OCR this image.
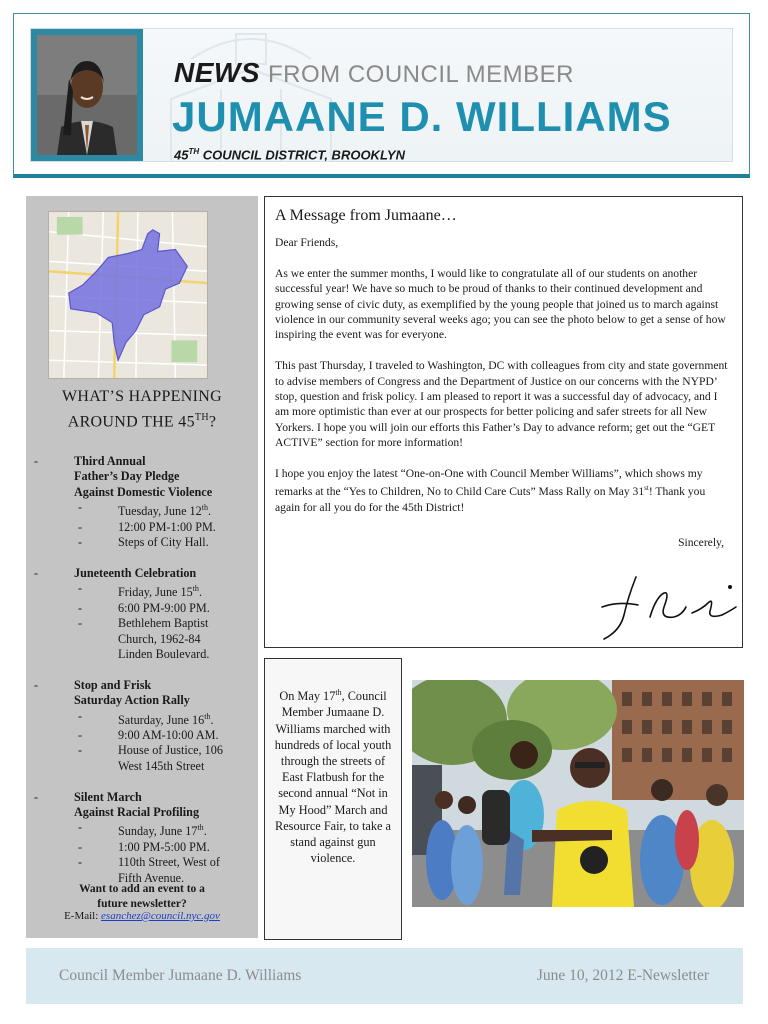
NEWS FROM COUNCIL MEMBER
JUMAANE D. WILLIAMS
45TH COUNCIL DISTRICT, BROOKLYN
WHAT’S HAPPENING
AROUND THE 45TH?
-	Third Annual
Father’s Day Pledge
Against Domestic Violence
-	Tuesday, June 12th.
-	12:00 PM-1:00 PM.
-	Steps of City Hall.
-	Juneteenth Celebration
-	Friday, June 15th.
-	6:00 PM-9:00 PM.
-	Bethlehem Baptist
Church, 1962-84
Linden Boulevard.
-	Stop and Frisk
Saturday Action Rally
-	Saturday, June 16th.
-	9:00 AM-10:00 AM.
-	House of Justice, 106
West 145th Street
-	Silent March
Against Racial Profiling
-	Sunday, June 17th.
-	1:00 PM-5:00 PM.
-	110th Street, West of
Fifth Avenue.
Want to add an event to a
future newsletter?
E-Mail: esanchez@council.nyc.gov
A Message from Jumaane…

Dear Friends,

As we enter the summer months, I would like to congratulate all of our students on another successful year! We have so much to be proud of thanks to their continued development and growing sense of civic duty, as exemplified by the young people that joined us to march against violence in our community several weeks ago; you can see the photo below to get a sense of how inspiring the event was for everyone.

This past Thursday, I traveled to Washington, DC with colleagues from city and state government to advise members of Congress and the Department of Justice on our concerns with the NYPD’ stop, question and frisk policy. I am pleased to report it was a successful day of advocacy, and I am more optimistic than ever at our prospects for better policing and safer streets for all New Yorkers. I hope you will join our efforts this Father’s Day to advance reform; get out the “GET ACTIVE” section for more information!

I hope you enjoy the latest “One-on-One with Council Member Williams”, which shows my remarks at the “Yes to Children, No to Child Care Cuts” Mass Rally on May 31st! Thank you again for all you do for the 45th District!

Sincerely,
On May 17th, Council Member Jumaane D. Williams marched with hundreds of local youth through the streets of East Flatbush for the second annual “Not in My Hood” March and Resource Fair, to take a stand against gun violence.
Council Member Jumaane D. Williams	June 10, 2012 E-Newsletter
